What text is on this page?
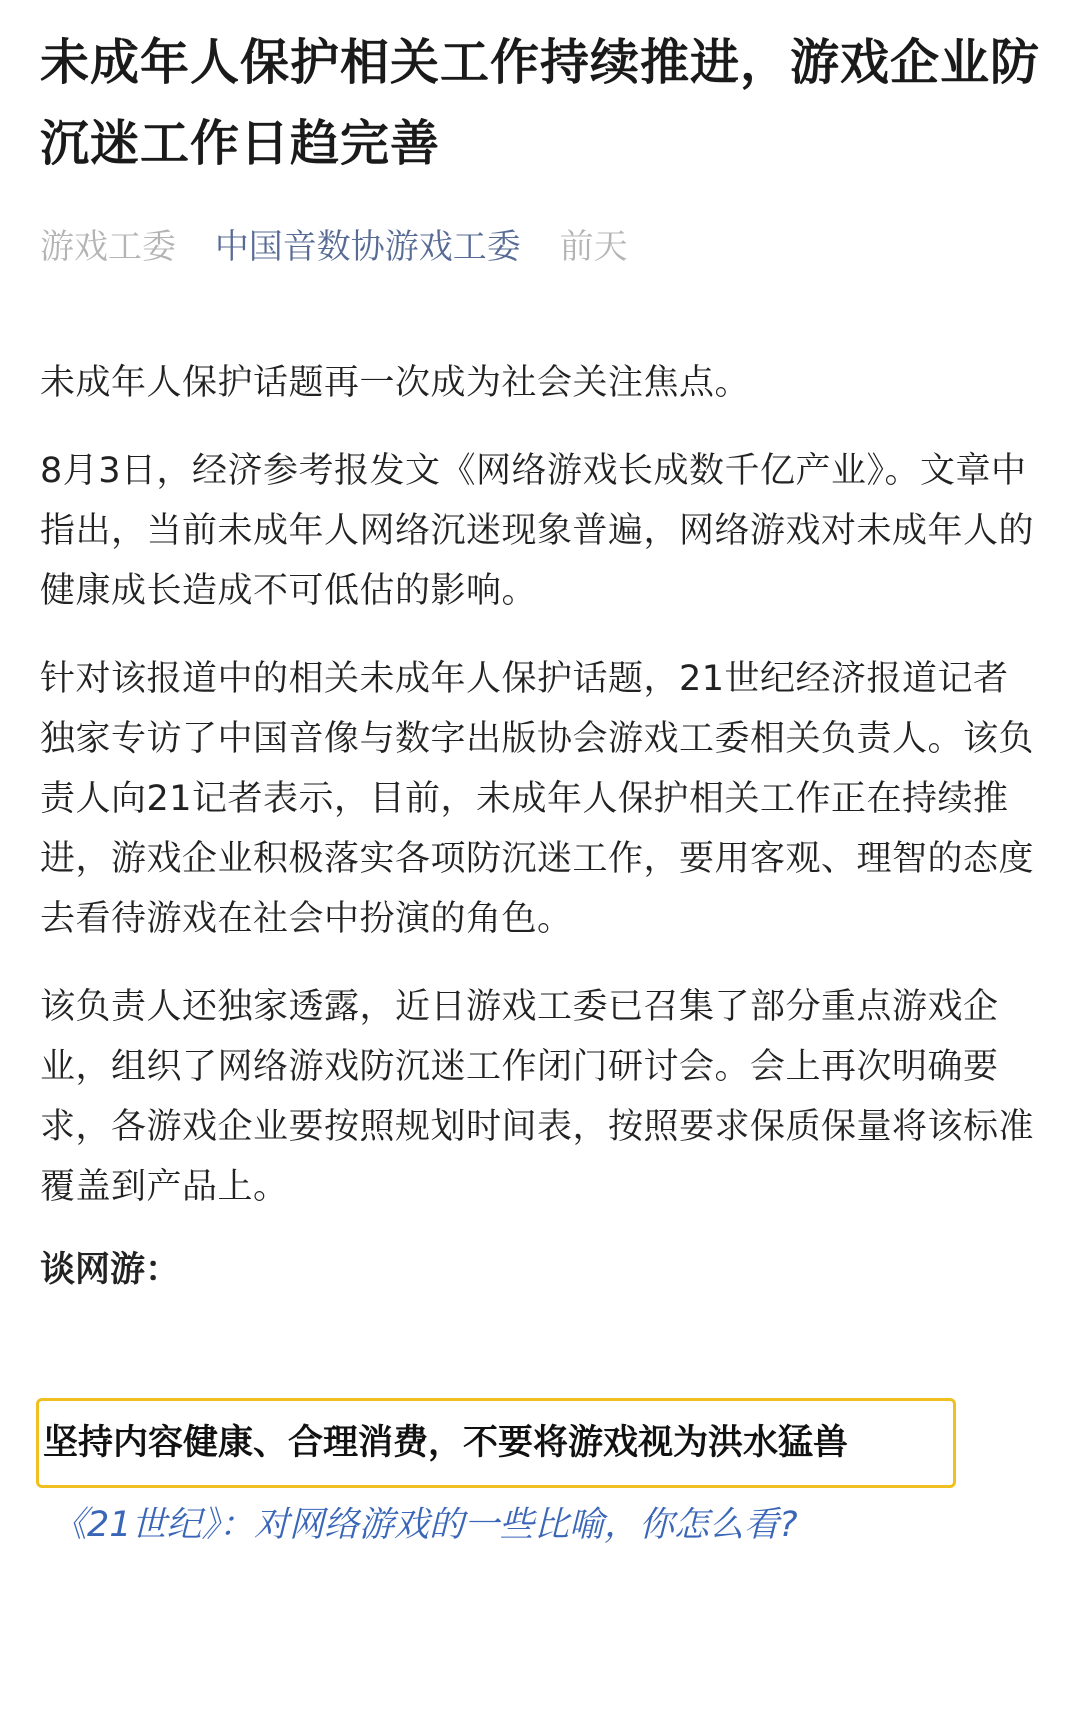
未成年人保护相关工作持续推进，游戏企业防沉迷工作日趋完善
游戏工委 中国音数协游戏工委 前天

未成年人保护话题再一次成为社会关注焦点。

8月3日，经济参考报发文《网络游戏长成数千亿产业》。文章中指出，当前未成年人网络沉迷现象普遍，网络游戏对未成年人的健康成长造成不可低估的影响。

针对该报道中的相关未成年人保护话题，21世纪经济报道记者独家专访了中国音像与数字出版协会游戏工委相关负责人。该负责人向21记者表示，目前，未成年人保护相关工作正在持续推进，游戏企业积极落实各项防沉迷工作，要用客观、理智的态度去看待游戏在社会中扮演的角色。

该负责人还独家透露，近日游戏工委已召集了部分重点游戏企业，组织了网络游戏防沉迷工作闭门研讨会。会上再次明确要求，各游戏企业要按照规划时间表，按照要求保质保量将该标准覆盖到产品上。

谈网游：

坚持内容健康、合理消费，不要将游戏视为洪水猛兽
《21世纪》：对网络游戏的一些比喻，你怎么看?
